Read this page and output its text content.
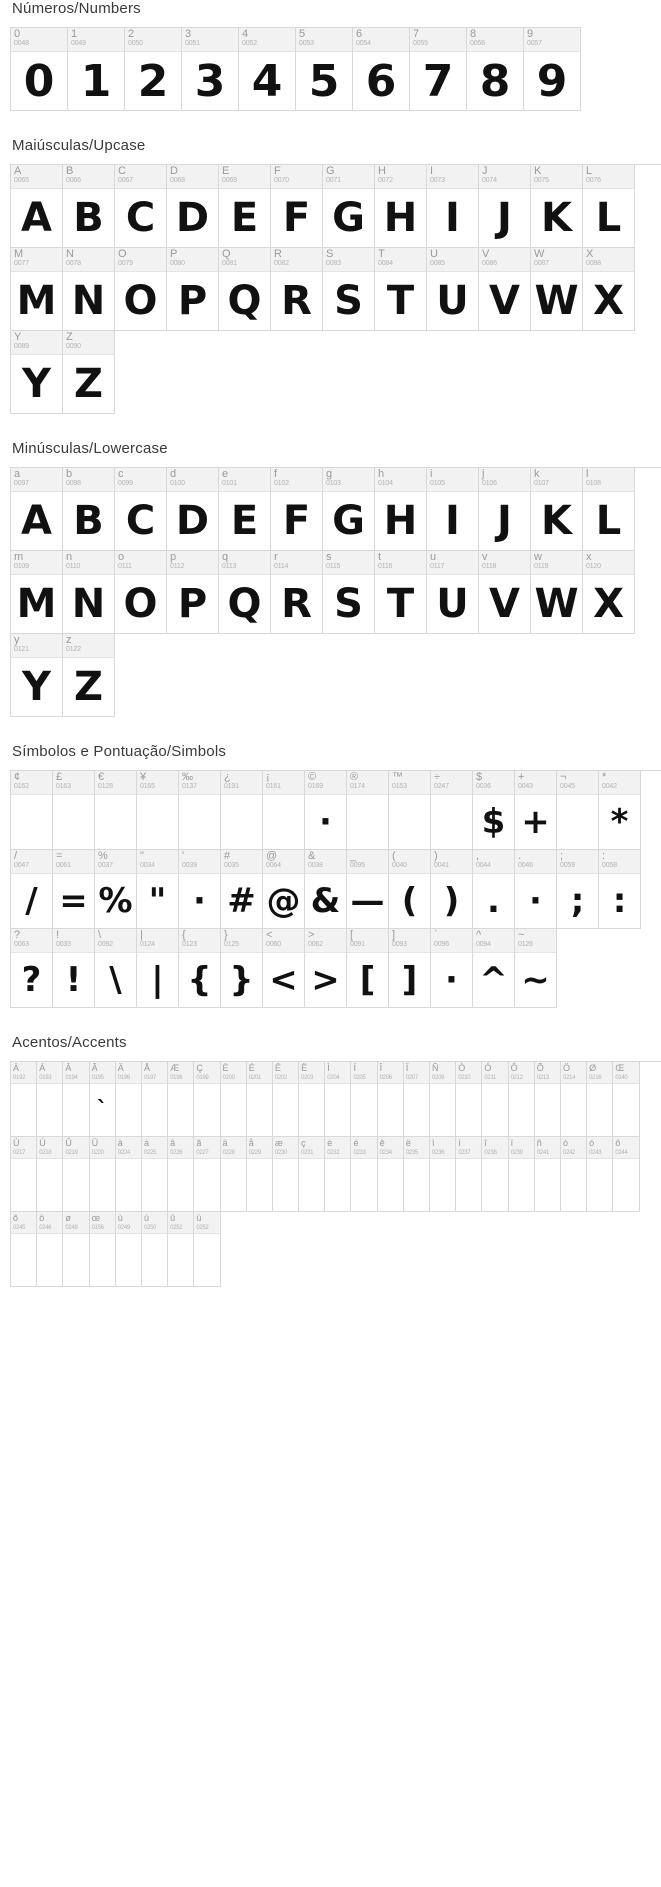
Números/Numbers
0
0048
0
1
0049
1
2
0050
2
3
0051
3
4
0052
4
5
0053
5
6
0054
6
7
0055
7
8
0056
8
9
0057
9
Maiúsculas/Upcase
A
0065
A
B
0066
B
C
0067
C
D
0068
D
E
0069
E
F
0070
F
G
0071
G
H
0072
H
I
0073
I
J
0074
J
K
0075
K
L
0076
L
M
0077
M
N
0078
N
O
0079
O
P
0080
P
Q
0081
Q
R
0082
R
S
0083
S
T
0084
T
U
0085
U
V
0086
V
W
0087
W
X
0088
X
Y
0089
Y
Z
0090
Z
Minúsculas/Lowercase
a
0097
A
b
0098
B
c
0099
C
d
0100
D
e
0101
E
f
0102
F
g
0103
G
h
0104
H
i
0105
I
j
0106
J
k
0107
K
l
0108
L
m
0109
M
n
0110
N
o
0111
O
p
0112
P
q
0113
Q
r
0114
R
s
0115
S
t
0116
T
u
0117
U
v
0118
V
w
0119
W
x
0120
X
y
0121
Y
z
0122
Z
Símbolos e Pontuação/Simbols
¢
0162
£
0163
€
0128
¥
0165
‰
0137
¿
0191
¡
0161
©
0169
·
®
0174
™
0153
÷
0247
$
0036
$
+
0043
+
¬
0045
*
0042
*
/
0047
/
=
0061
=
%
0037
%
"
0034
"
'
0039
·
#
0035
#
@
0064
@
&
0038
&
_
0095
—
(
0040
(
)
0041
)
,
0044
.
.
0046
·
;
0059
;
:
0058
:
?
0063
?
!
0033
!
\
0092
\
|
0124
|
{
0123
{
}
0125
}
<
0060
<
>
0062
>
[
0091
[
]
0093
]
`
0096
·
^
0094
^
~
0126
~
Acentos/Accents
À
0192
Á
0193
Â
0194
Ã
0195
`
Ä
0196
Å
0197
Æ
0198
Ç
0199
È
0200
É
0201
Ê
0202
Ë
0203
Ì
0204
Í
0205
Î
0206
Ï
0207
Ñ
0209
Ò
0210
Ó
0211
Ô
0212
Õ
0213
Ö
0214
Ø
0216
Œ
0140
Ù
0217
Ú
0218
Û
0219
Ü
0220
à
0224
á
0225
â
0226
ã
0227
ä
0228
å
0229
æ
0230
ç
0231
è
0232
é
0233
ê
0234
ë
0235
ì
0236
í
0237
î
0238
ï
0239
ñ
0241
ò
0242
ó
0243
ô
0244
õ
0245
ö
0246
ø
0248
œ
0156
ù
0249
ú
0250
û
0251
ü
0252
